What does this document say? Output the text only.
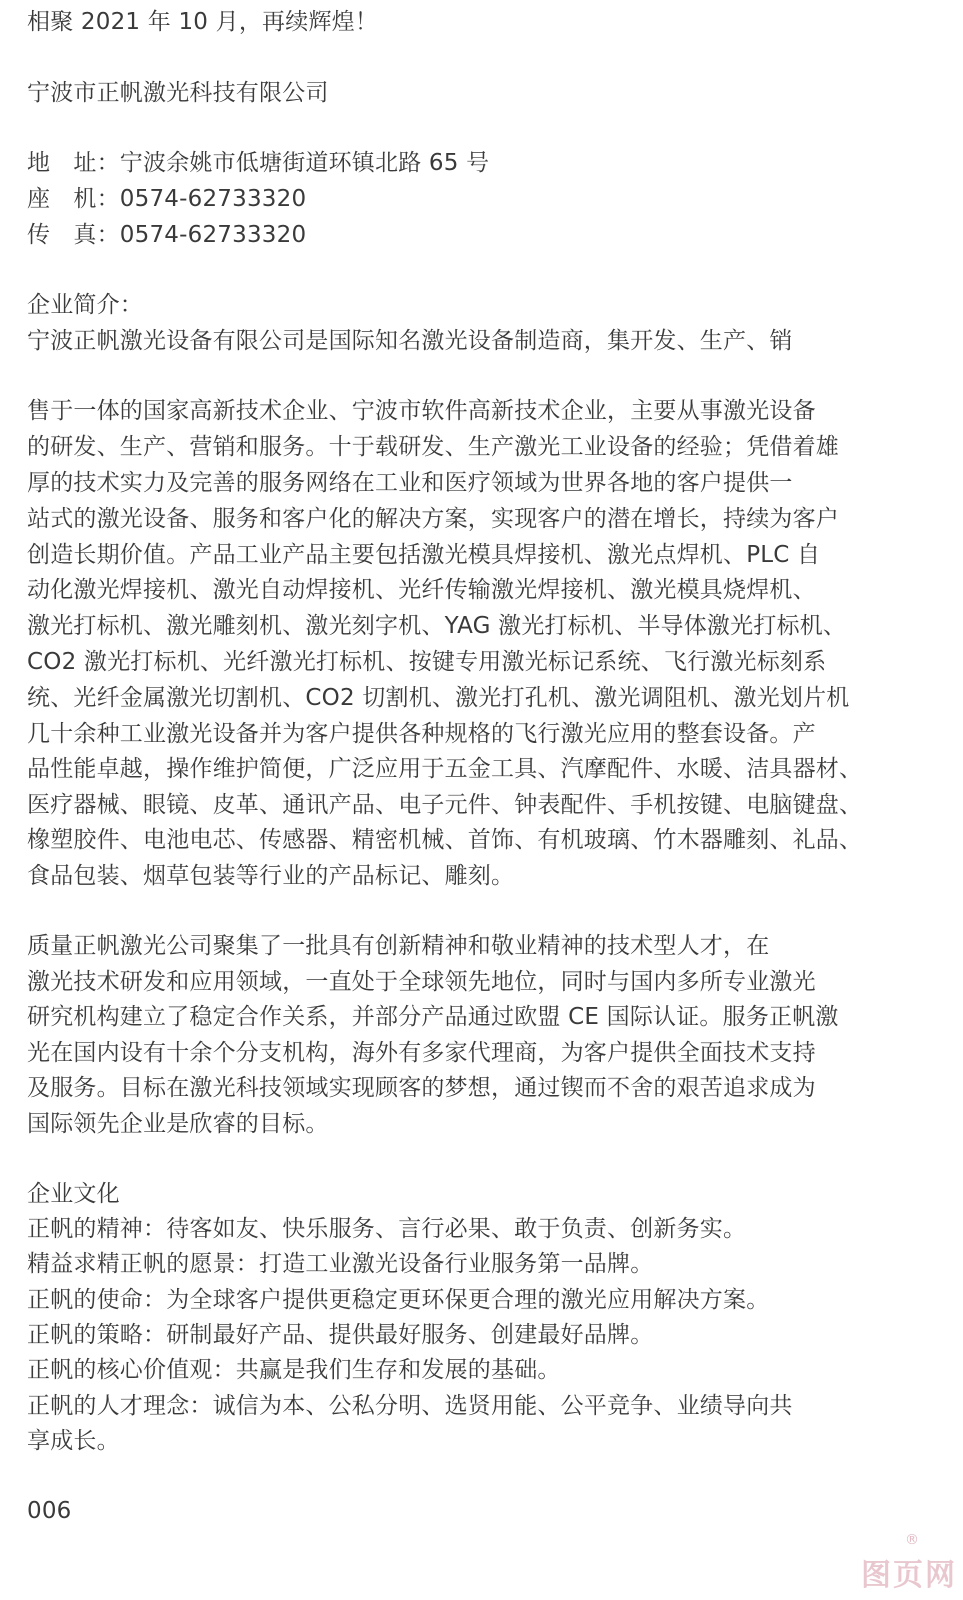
相聚 2021 年 10 月，再续辉煌！
宁波市正帆激光科技有限公司
地　址：宁波余姚市低塘街道环镇北路 65 号
座　机：0574-62733320
传　真：0574-62733320
企业简介：
宁波正帆激光设备有限公司是国际知名激光设备制造商，集开发、生产、销
售于一体的国家高新技术企业、宁波市软件高新技术企业，主要从事激光设备
的研发、生产、营销和服务。十于载研发、生产激光工业设备的经验；凭借着雄
厚的技术实力及完善的服务网络在工业和医疗领域为世界各地的客户提供一
站式的激光设备、服务和客户化的解决方案，实现客户的潜在增长，持续为客户
创造长期价值。产品工业产品主要包括激光模具焊接机、激光点焊机、PLC 自
动化激光焊接机、激光自动焊接机、光纤传输激光焊接机、激光模具烧焊机、
激光打标机、激光雕刻机、激光刻字机、YAG 激光打标机、半导体激光打标机、
CO2 激光打标机、光纤激光打标机、按键专用激光标记系统、飞行激光标刻系
统、光纤金属激光切割机、CO2 切割机、激光打孔机、激光调阻机、激光划片机
几十余种工业激光设备并为客户提供各种规格的飞行激光应用的整套设备。产
品性能卓越，操作维护简便，广泛应用于五金工具、汽摩配件、水暖、洁具器材、
医疗器械、眼镜、皮革、通讯产品、电子元件、钟表配件、手机按键、电脑键盘、
橡塑胶件、电池电芯、传感器、精密机械、首饰、有机玻璃、竹木器雕刻、礼品、
食品包装、烟草包装等行业的产品标记、雕刻。
质量正帆激光公司聚集了一批具有创新精神和敬业精神的技术型人才，在
激光技术研发和应用领域，一直处于全球领先地位，同时与国内多所专业激光
研究机构建立了稳定合作关系，并部分产品通过欧盟 CE 国际认证。服务正帆激
光在国内设有十余个分支机构，海外有多家代理商，为客户提供全面技术支持
及服务。目标在激光科技领域实现顾客的梦想，通过锲而不舍的艰苦追求成为
国际领先企业是欣睿的目标。
企业文化
正帆的精神：待客如友、快乐服务、言行必果、敢于负责、创新务实。
精益求精正帆的愿景：打造工业激光设备行业服务第一品牌。
正帆的使命：为全球客户提供更稳定更环保更合理的激光应用解决方案。
正帆的策略：研制最好产品、提供最好服务、创建最好品牌。
正帆的核心价值观：共赢是我们生存和发展的基础。
正帆的人才理念：诚信为本、公私分明、选贤用能、公平竞争、业绩导向共
享成长。
006
®
图页网
